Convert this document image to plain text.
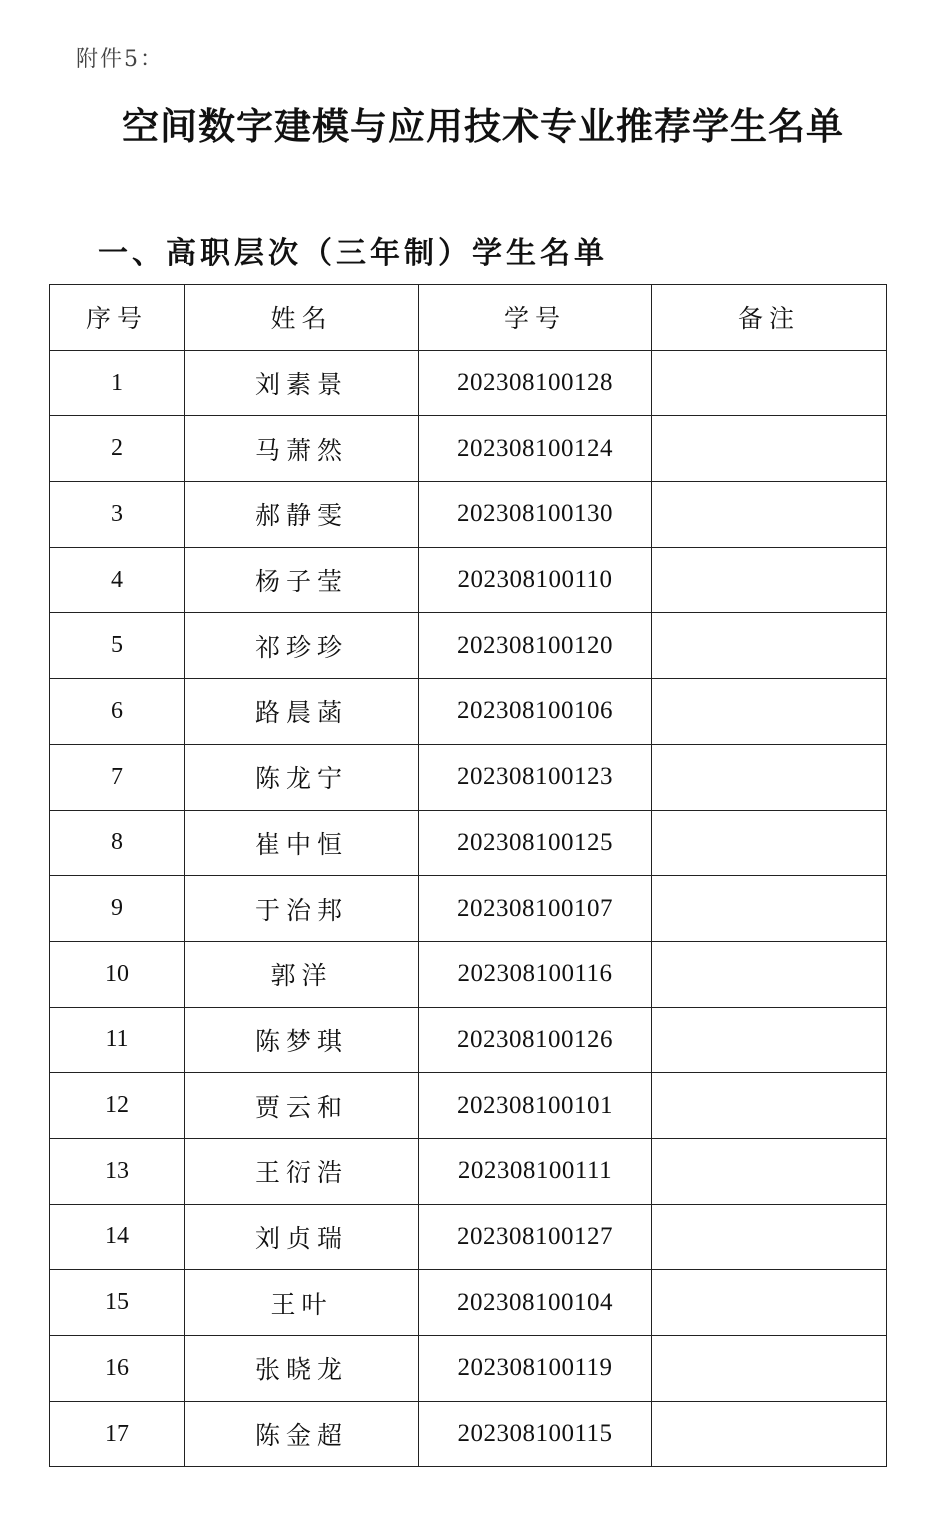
附件5：
空间数字建模与应用技术专业推荐学生名单
一、高职层次（三年制）学生名单
序号	姓名	学号	备注
1	刘素景	202308100128	
2	马萧然	202308100124	
3	郝静雯	202308100130	
4	杨子莹	202308100110	
5	祁珍珍	202308100120	
6	路晨菡	202308100106	
7	陈龙宁	202308100123	
8	崔中恒	202308100125	
9	于治邦	202308100107	
10	郭洋	202308100116	
11	陈梦琪	202308100126	
12	贾云和	202308100101	
13	王衍浩	202308100111	
14	刘贞瑞	202308100127	
15	王叶	202308100104	
16	张晓龙	202308100119	
17	陈金超	202308100115	
